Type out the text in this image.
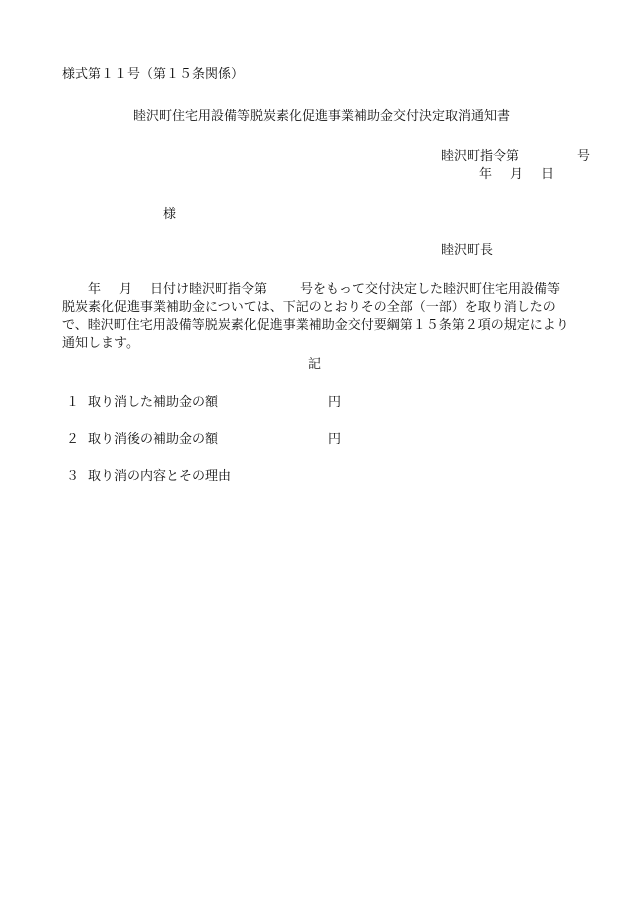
様式第１１号（第１５条関係）
睦沢町住宅用設備等脱炭素化促進事業補助金交付決定取消通知書
睦沢町指令第	号
年 月 日
様
睦沢町長
年 月 日付け睦沢町指令第	号をもって交付決定した睦沢町住宅用設備等脱炭素化促進事業補助金については、下記のとおりその全部（一部）を取り消したので、睦沢町住宅用設備等脱炭素化促進事業補助金交付要綱第１５条第２項の規定により通知します。
記
１ 取り消した補助金の額	円
２ 取り消後の補助金の額	円
３ 取り消の内容とその理由
